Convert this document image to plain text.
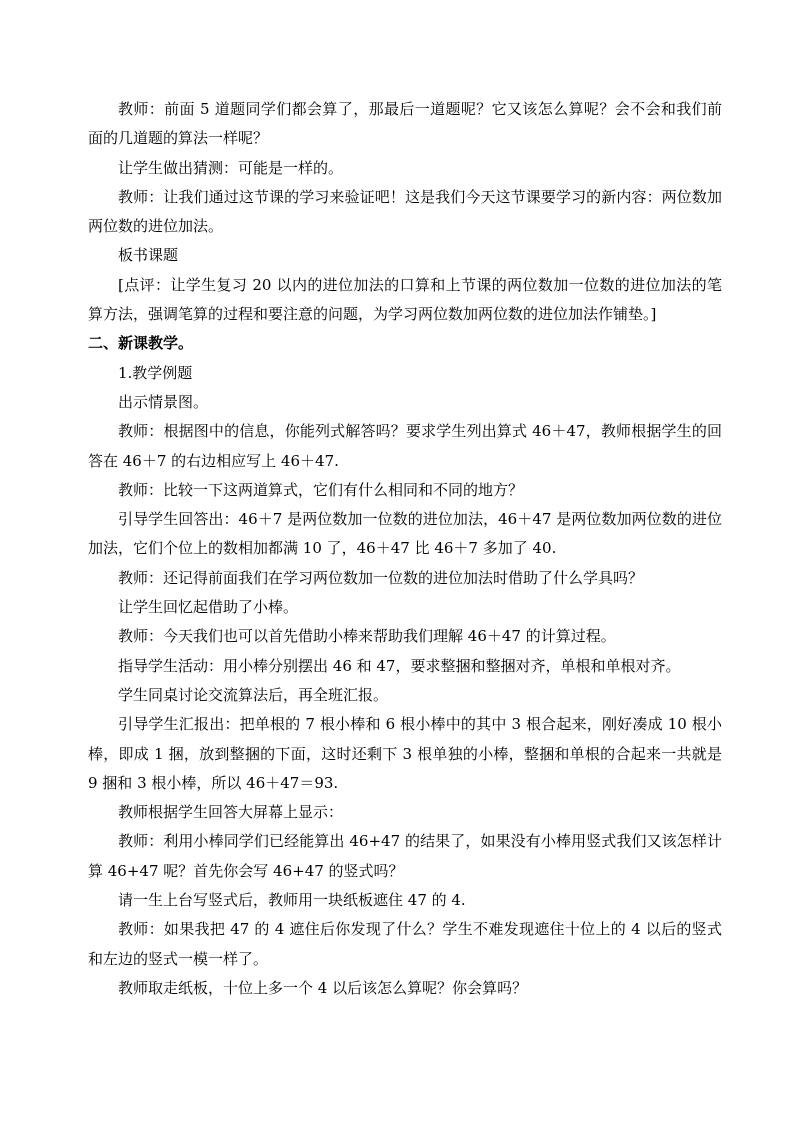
教师：前面 5 道题同学们都会算了，那最后一道题呢？它又该怎么算呢？会不会和我们前面的几道题的算法一样呢？

让学生做出猜测：可能是一样的。

教师：让我们通过这节课的学习来验证吧！这是我们今天这节课要学习的新内容：两位数加两位数的进位加法。

板书课题

[点评：让学生复习 20 以内的进位加法的口算和上节课的两位数加一位数的进位加法的笔算方法，强调笔算的过程和要注意的问题，为学习两位数加两位数的进位加法作铺垫。]

二、新课教学。

1.教学例题

出示情景图。

教师：根据图中的信息，你能列式解答吗？要求学生列出算式 46＋47，教师根据学生的回答在 46＋7 的右边相应写上 46＋47.

教师：比较一下这两道算式，它们有什么相同和不同的地方？

引导学生回答出：46＋7 是两位数加一位数的进位加法，46＋47 是两位数加两位数的进位加法，它们个位上的数相加都满 10 了，46＋47 比 46＋7 多加了 40.

教师：还记得前面我们在学习两位数加一位数的进位加法时借助了什么学具吗？

让学生回忆起借助了小棒。

教师：今天我们也可以首先借助小棒来帮助我们理解 46＋47 的计算过程。

指导学生活动：用小棒分别摆出 46 和 47，要求整捆和整捆对齐，单根和单根对齐。

学生同桌讨论交流算法后，再全班汇报。

引导学生汇报出：把单根的 7 根小棒和 6 根小棒中的其中 3 根合起来，刚好凑成 10 根小棒，即成 1 捆，放到整捆的下面，这时还剩下 3 根单独的小棒，整捆和单根的合起来一共就是 9 捆和 3 根小棒，所以 46＋47＝93.

教师根据学生回答大屏幕上显示：

教师：利用小棒同学们已经能算出 46+47 的结果了，如果没有小棒用竖式我们又该怎样计算 46+47 呢？首先你会写 46+47 的竖式吗？

请一生上台写竖式后，教师用一块纸板遮住 47 的 4.

教师：如果我把 47 的 4 遮住后你发现了什么？学生不难发现遮住十位上的 4 以后的竖式和左边的竖式一模一样了。

教师取走纸板，十位上多一个 4 以后该怎么算呢？你会算吗？
